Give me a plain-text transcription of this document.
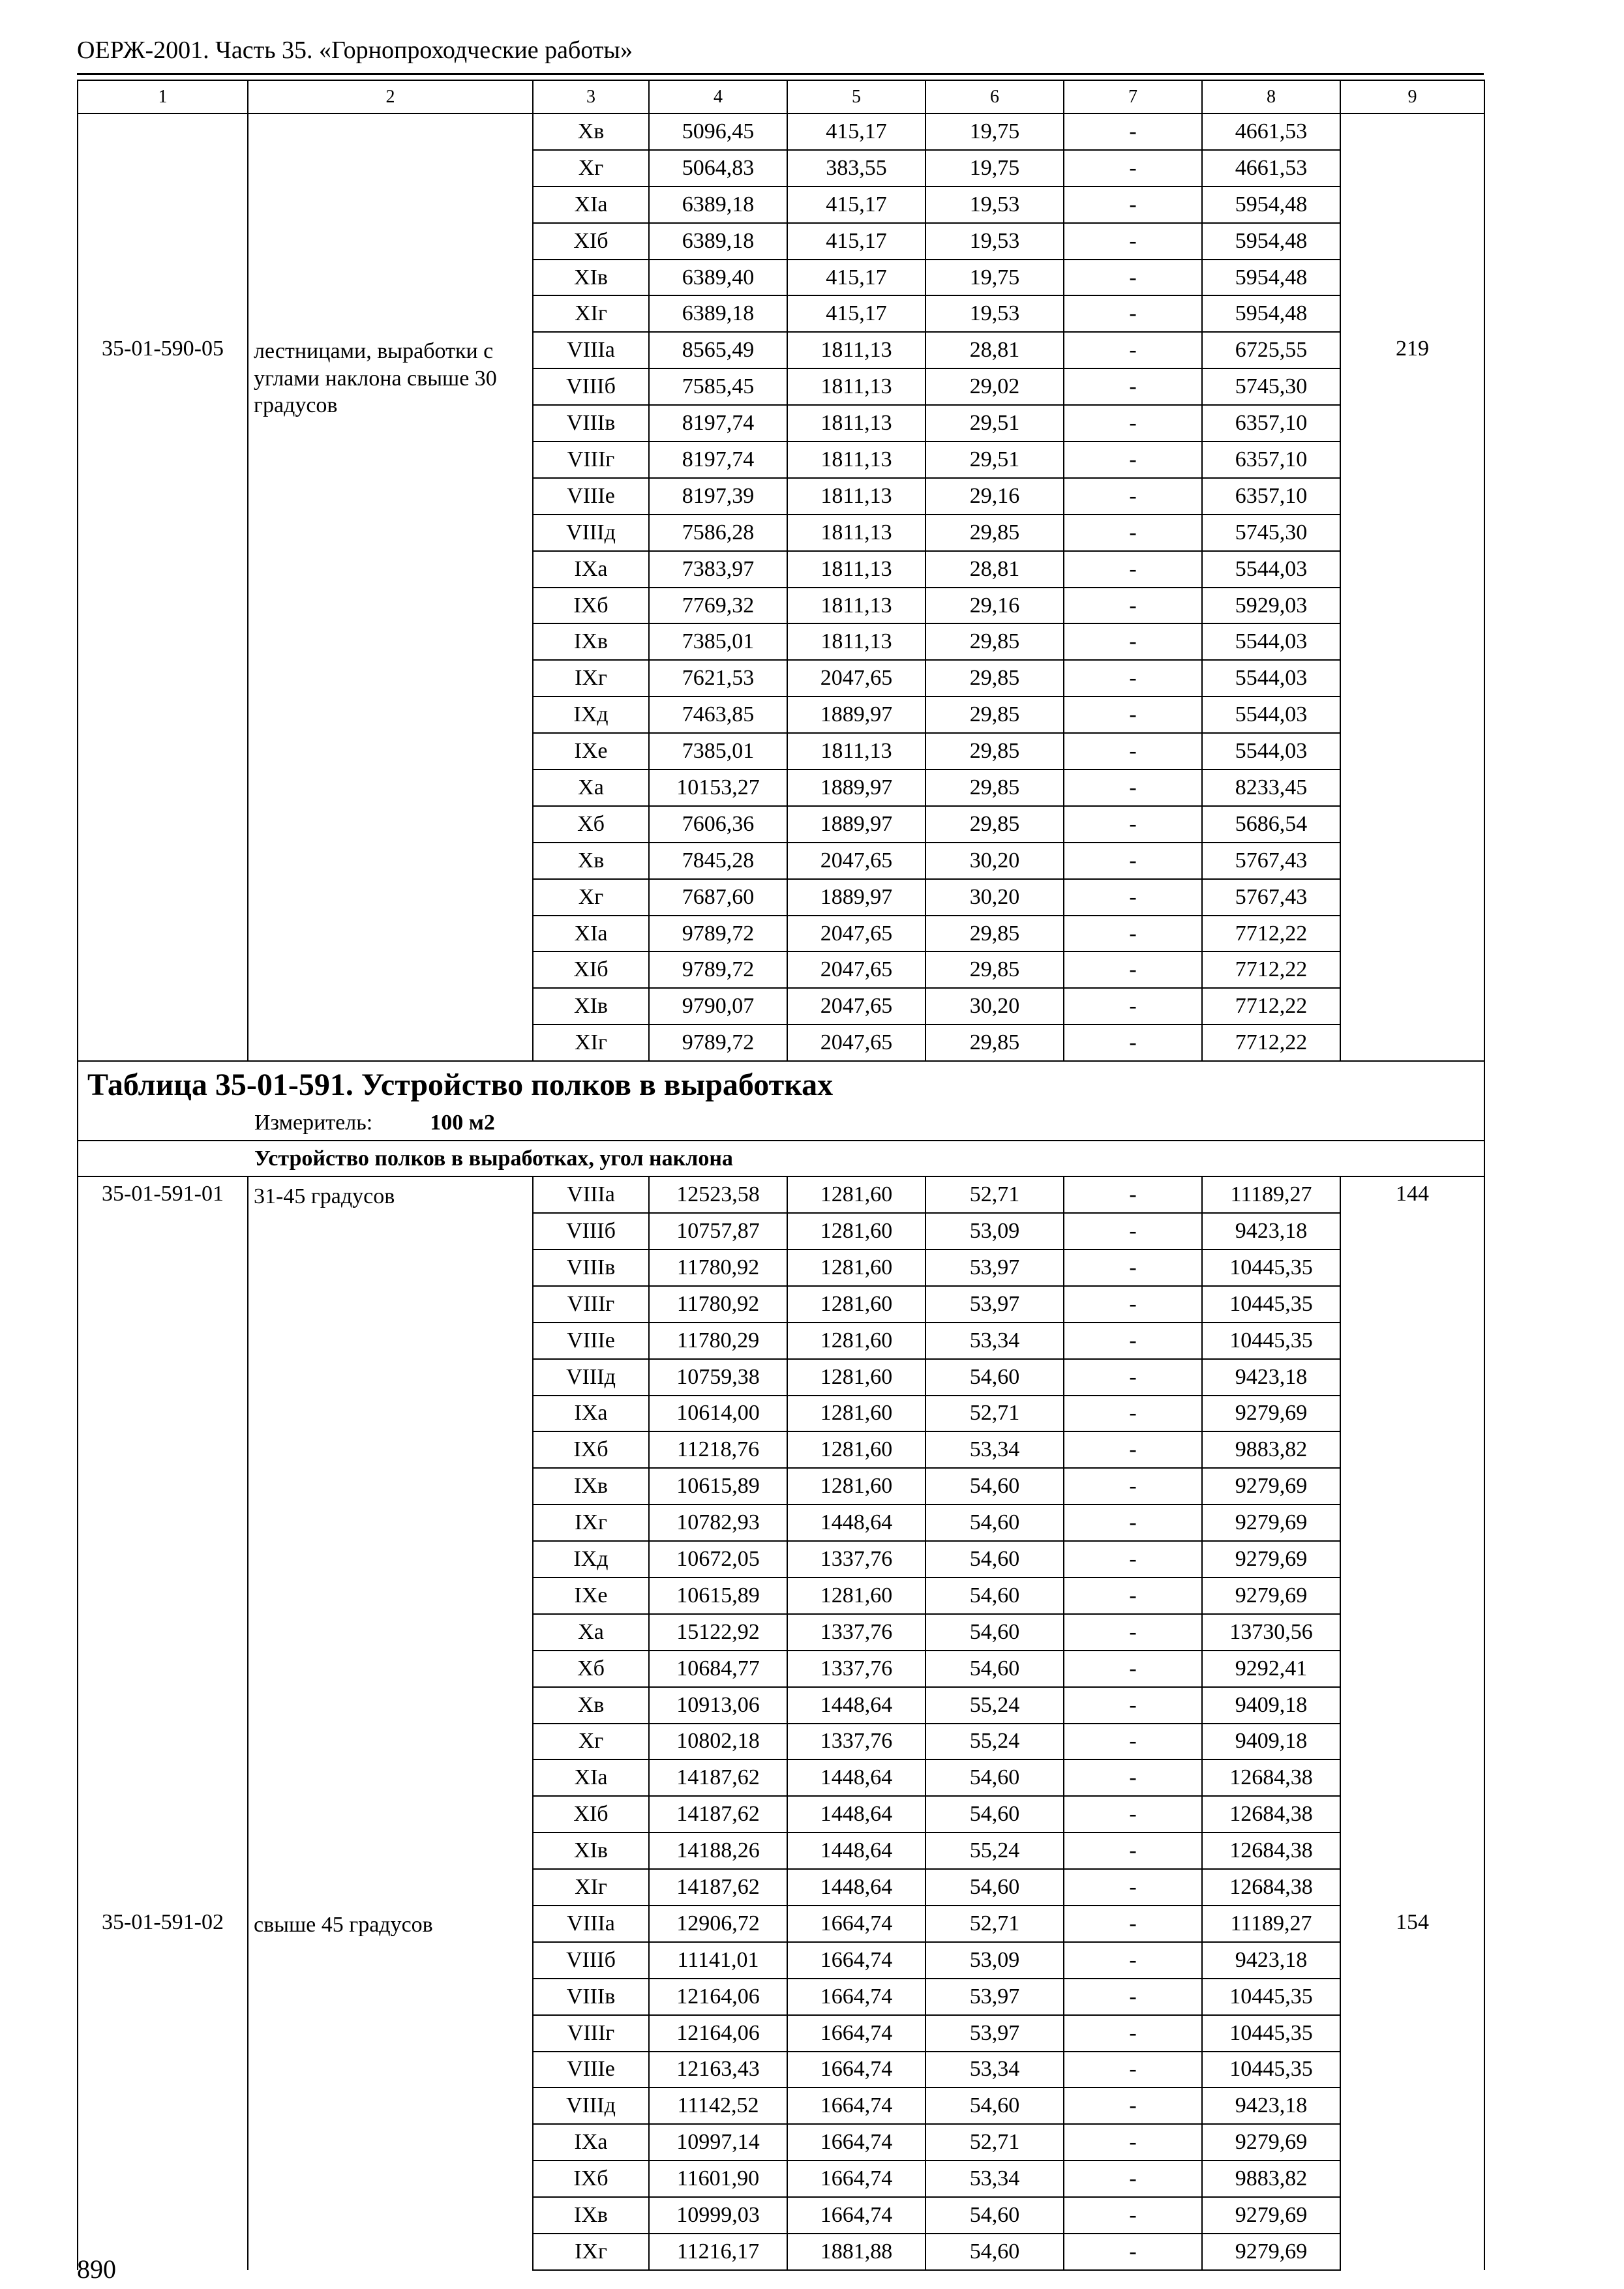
ОЕРЖ-2001. Часть 35. «Горнопроходческие работы»
1	2	3	4	5	6	7	8	9
		Xв	5096,45	415,17	19,75	-	4661,53	
		Xг	5064,83	383,55	19,75	-	4661,53	
		XIа	6389,18	415,17	19,53	-	5954,48	
		XIб	6389,18	415,17	19,53	-	5954,48	
		XIв	6389,40	415,17	19,75	-	5954,48	
		XIг	6389,18	415,17	19,53	-	5954,48	
35-01-590-05	лестницами, выработки с углами наклона свыше 30 градусов	VIIIа	8565,49	1811,13	28,81	-	6725,55	219
		VIIIб	7585,45	1811,13	29,02	-	5745,30	
		VIIIв	8197,74	1811,13	29,51	-	6357,10	
		VIIIг	8197,74	1811,13	29,51	-	6357,10	
		VIIIе	8197,39	1811,13	29,16	-	6357,10	
		VIIIд	7586,28	1811,13	29,85	-	5745,30	
		IXа	7383,97	1811,13	28,81	-	5544,03	
		IXб	7769,32	1811,13	29,16	-	5929,03	
		IXв	7385,01	1811,13	29,85	-	5544,03	
		IXг	7621,53	2047,65	29,85	-	5544,03	
		IXд	7463,85	1889,97	29,85	-	5544,03	
		IXе	7385,01	1811,13	29,85	-	5544,03	
		Xа	10153,27	1889,97	29,85	-	8233,45	
		Xб	7606,36	1889,97	29,85	-	5686,54	
		Xв	7845,28	2047,65	30,20	-	5767,43	
		Xг	7687,60	1889,97	30,20	-	5767,43	
		XIа	9789,72	2047,65	29,85	-	7712,22	
		XIб	9789,72	2047,65	29,85	-	7712,22	
		XIв	9790,07	2047,65	30,20	-	7712,22	
		XIг	9789,72	2047,65	29,85	-	7712,22	

Таблица 35-01-591. Устройство полков в выработках
Измеритель: 100 м2								

Устройство полков в выработках, угол наклона								
35-01-591-01	31-45 градусов	VIIIа	12523,58	1281,60	52,71	-	11189,27	144
		VIIIб	10757,87	1281,60	53,09	-	9423,18	
		VIIIв	11780,92	1281,60	53,97	-	10445,35	
		VIIIг	11780,92	1281,60	53,97	-	10445,35	
		VIIIе	11780,29	1281,60	53,34	-	10445,35	
		VIIIд	10759,38	1281,60	54,60	-	9423,18	
		IXа	10614,00	1281,60	52,71	-	9279,69	
		IXб	11218,76	1281,60	53,34	-	9883,82	
		IXв	10615,89	1281,60	54,60	-	9279,69	
		IXг	10782,93	1448,64	54,60	-	9279,69	
		IXд	10672,05	1337,76	54,60	-	9279,69	
		IXе	10615,89	1281,60	54,60	-	9279,69	
		Xа	15122,92	1337,76	54,60	-	13730,56	
		Xб	10684,77	1337,76	54,60	-	9292,41	
		Xв	10913,06	1448,64	55,24	-	9409,18	
		Xг	10802,18	1337,76	55,24	-	9409,18	
		XIа	14187,62	1448,64	54,60	-	12684,38	
		XIб	14187,62	1448,64	54,60	-	12684,38	
		XIв	14188,26	1448,64	55,24	-	12684,38	
		XIг	14187,62	1448,64	54,60	-	12684,38	
35-01-591-02	свыше 45 градусов	VIIIа	12906,72	1664,74	52,71	-	11189,27	154
		VIIIб	11141,01	1664,74	53,09	-	9423,18	
		VIIIв	12164,06	1664,74	53,97	-	10445,35	
		VIIIг	12164,06	1664,74	53,97	-	10445,35	
		VIIIе	12163,43	1664,74	53,34	-	10445,35	
		VIIIд	11142,52	1664,74	54,60	-	9423,18	
		IXа	10997,14	1664,74	52,71	-	9279,69	
		IXб	11601,90	1664,74	53,34	-	9883,82	
		IXв	10999,03	1664,74	54,60	-	9279,69	
		IXг	11216,17	1881,88	54,60	-	9279,69	
890
